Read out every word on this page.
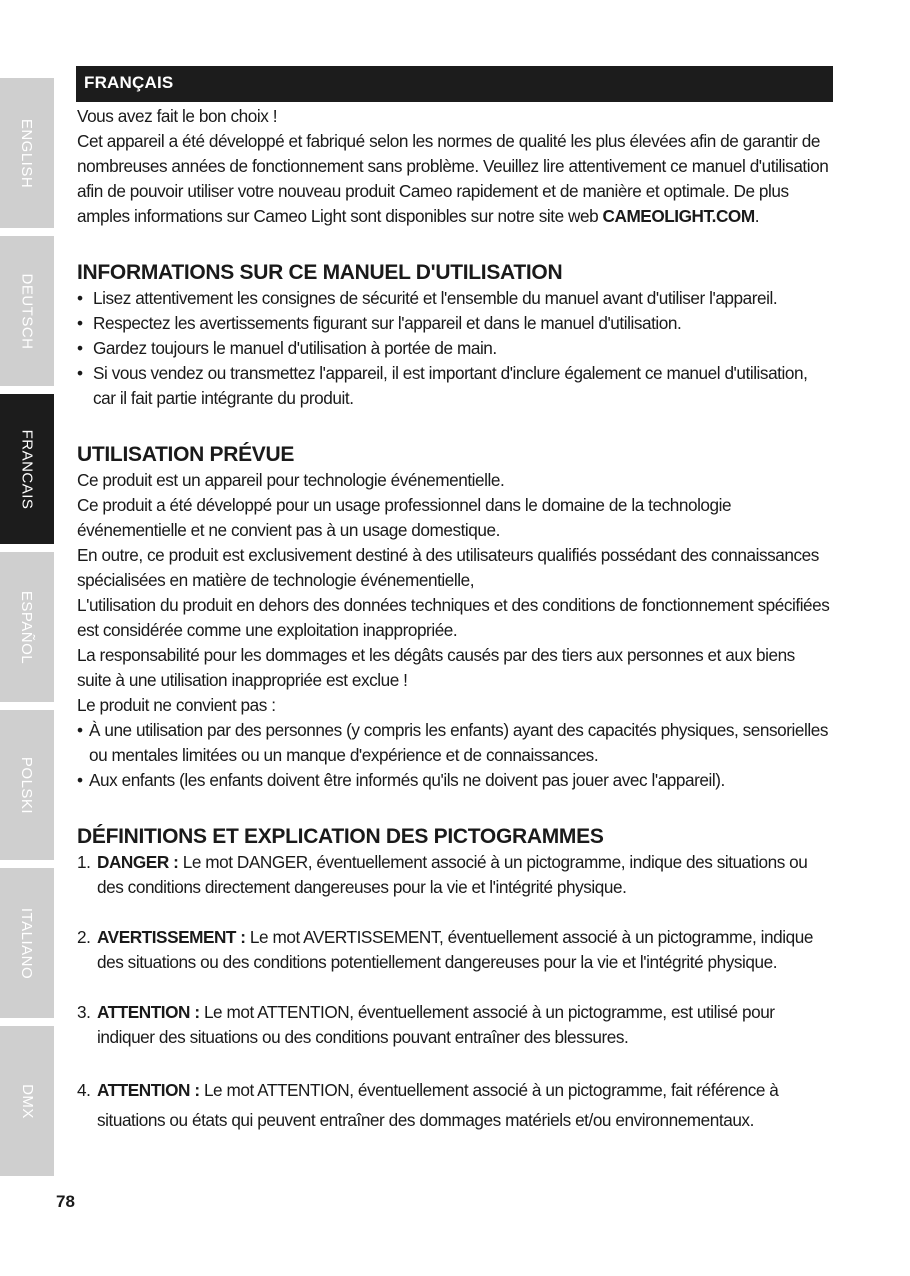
ENGLISH
DEUTSCH
FRANCAIS
ESPAÑOL
POLSKI
ITALIANO
DMX
FRANÇAIS

Vous avez fait le bon choix !

Cet appareil a été développé et fabriqué selon les normes de qualité les plus élevées afin de garantir de nombreuses années de fonctionnement sans problème. Veuillez lire attentivement ce manuel d'utilisation afin de pouvoir utiliser votre nouveau produit Cameo rapidement et de manière et optimale. De plus amples informations sur Cameo Light sont disponibles sur notre site web CAMEOLIGHT.COM.

INFORMATIONS SUR CE MANUEL D'UTILISATION
• Lisez attentivement les consignes de sécurité et l'ensemble du manuel avant d'utiliser l'appareil.
• Respectez les avertissements figurant sur l'appareil et dans le manuel d'utilisation.
• Gardez toujours le manuel d'utilisation à portée de main.
• Si vous vendez ou transmettez l'appareil, il est important d'inclure également ce manuel d'utilisation, car il fait partie intégrante du produit.
UTILISATION PRÉVUE

Ce produit est un appareil pour technologie événementielle.

Ce produit a été développé pour un usage professionnel dans le domaine de la technologie événementielle et ne convient pas à un usage domestique.

En outre, ce produit est exclusivement destiné à des utilisateurs qualifiés possédant des connaissances spécialisées en matière de technologie événementielle,

L'utilisation du produit en dehors des données techniques et des conditions de fonctionnement spécifiées est considérée comme une exploitation inappropriée.

La responsabilité pour les dommages et les dégâts causés par des tiers aux personnes et aux biens suite à une utilisation inappropriée est exclue !

Le produit ne convient pas :

• À une utilisation par des personnes (y compris les enfants) ayant des capacités physiques, sensorielles ou mentales limitées ou un manque d'expérience et de connaissances.
• Aux enfants (les enfants doivent être informés qu'ils ne doivent pas jouer avec l'appareil).
DÉFINITIONS ET EXPLICATION DES PICTOGRAMMES
1. DANGER : Le mot DANGER, éventuellement associé à un pictogramme, indique des situations ou des conditions directement dangereuses pour la vie et l'intégrité physique.
2. AVERTISSEMENT : Le mot AVERTISSEMENT, éventuellement associé à un pictogramme, indique des situations ou des conditions potentiellement dangereuses pour la vie et l'intégrité physique.
3. ATTENTION : Le mot ATTENTION, éventuellement associé à un pictogramme, est utilisé pour indiquer des situations ou des conditions pouvant entraîner des blessures.
4. ATTENTION : Le mot ATTENTION, éventuellement associé à un pictogramme, fait référence à situations ou états qui peuvent entraîner des dommages matériels et/ou environnementaux.
78
